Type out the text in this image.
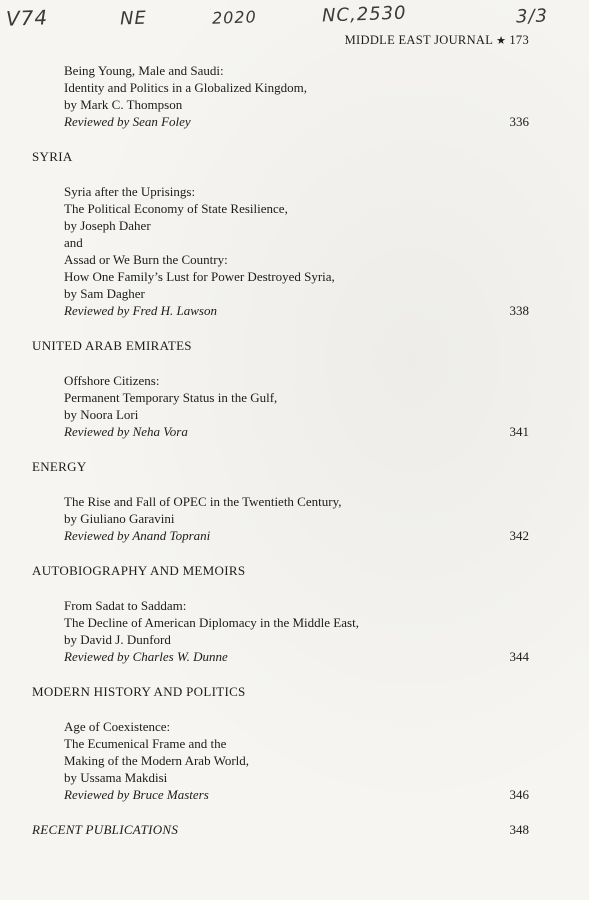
V74	NE	2020	NC,2530	3/3
MIDDLE EAST JOURNAL ★ 173
Being Young, Male and Saudi:
Identity and Politics in a Globalized Kingdom,
by Mark C. Thompson
Reviewed by Sean Foley	336
SYRIA
Syria after the Uprisings:
The Political Economy of State Resilience,
by Joseph Daher
and
Assad or We Burn the Country:
How One Family’s Lust for Power Destroyed Syria,
by Sam Dagher
Reviewed by Fred H. Lawson	338
UNITED ARAB EMIRATES
Offshore Citizens:
Permanent Temporary Status in the Gulf,
by Noora Lori
Reviewed by Neha Vora	341
ENERGY
The Rise and Fall of OPEC in the Twentieth Century,
by Giuliano Garavini
Reviewed by Anand Toprani	342
AUTOBIOGRAPHY AND MEMOIRS
From Sadat to Saddam:
The Decline of American Diplomacy in the Middle East,
by David J. Dunford
Reviewed by Charles W. Dunne	344
MODERN HISTORY AND POLITICS
Age of Coexistence:
The Ecumenical Frame and the
Making of the Modern Arab World,
by Ussama Makdisi
Reviewed by Bruce Masters	346
RECENT PUBLICATIONS	348
